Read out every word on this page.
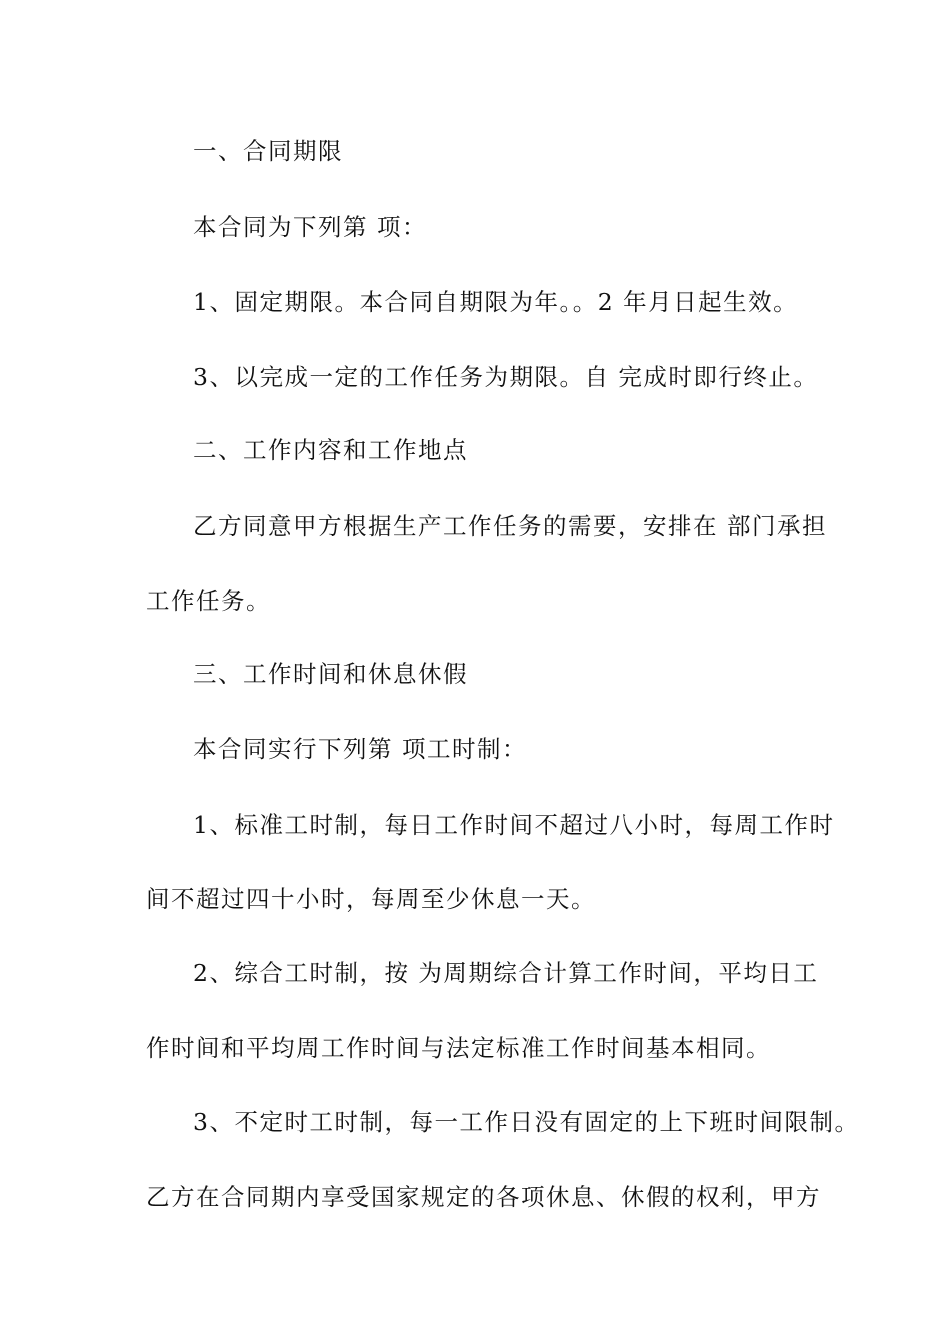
一、合同期限

本合同为下列第 项：

1、固定期限。本合同自期限为年。。2 年月日起生效。

3、以完成一定的工作任务为期限。自 完成时即行终止。

二、工作内容和工作地点

乙方同意甲方根据生产工作任务的需要，安排在 部门承担

工作任务。

三、工作时间和休息休假

本合同实行下列第 项工时制：

1、标准工时制，每日工作时间不超过八小时，每周工作时

间不超过四十小时，每周至少休息一天。

2、综合工时制，按 为周期综合计算工作时间，平均日工

作时间和平均周工作时间与法定标准工作时间基本相同。

3、不定时工时制，每一工作日没有固定的上下班时间限制。

乙方在合同期内享受国家规定的各项休息、休假的权利，甲方
